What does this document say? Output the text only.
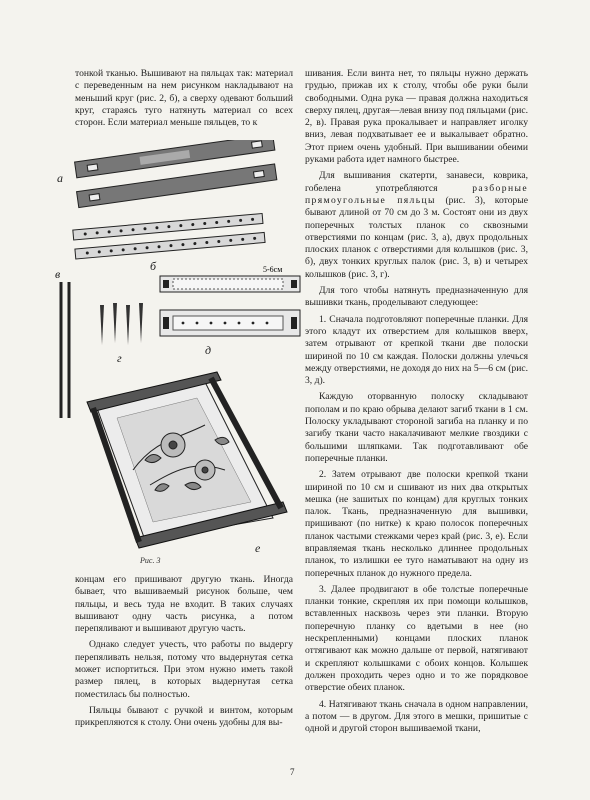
тонкой тканью. Вышивают на пяльцах так: материал с переведенным на нем рисунком накладывают на меньший круг (рис. 2, б), а сверху одевают больший круг, стараясь туго натянуть материал со всех сторон. Если материал меньше пяльцев, то к

а
б
в
г
5-6см
д
е
Рис. 3

концам его пришивают другую ткань. Иногда бывает, что вышиваемый рисунок больше, чем пяльцы, и весь туда не входит. В таких случаях вышивают одну часть рисунка, а потом перепяливают и вышивают другую часть.

Однако следует учесть, что работы по выдергу перепяливать нельзя, потому что выдернутая сетка может испортиться. При этом нужно иметь такой размер пялец, в которых выдернутая сетка поместилась бы полностью.

Пяльцы бывают с ручкой и винтом, которым прикрепляются к столу. Они очень удобны для вы-

шивания. Если винта нет, то пяльцы нужно держать грудью, прижав их к столу, чтобы обе руки были свободными. Одна рука — правая должна находиться сверху пялец, другая—левая внизу под пяльцами (рис. 2, в). Правая рука прокалывает и направляет иголку вниз, левая подхватывает ее и выкалывает обратно. Этот прием очень удобный. При вышивании обеими руками работа идет намного быстрее.

Для вышивания скатерти, занавеси, коврика, гобелена употребляются разборные прямоугольные пяльцы (рис. 3), которые бывают длиной от 70 см до 3 м. Состоят они из двух поперечных толстых планок со сквозными отверстиями по концам (рис. 3, а), двух продольных плоских планок с отверстиями для колышков (рис. 3, б), двух тонких круглых палок (рис. 3, в) и четырех колышков (рис. 3, г).

Для того чтобы натянуть предназначенную для вышивки ткань, проделывают следующее:

1. Сначала подготовляют поперечные планки. Для этого кладут их отверстием для колышков вверх, затем отрывают от крепкой ткани две полоски шириной по 10 см каждая. Полоски должны улечься между отверстиями, не доходя до них на 5—6 см (рис. 3, д).

Каждую оторванную полоску складывают пополам и по краю обрыва делают загиб ткани в 1 см. Полоску укладывают стороной загиба на планку и по загибу ткани часто накалачивают мелкие гвоздики с большими шляпками. Так подготавливают обе поперечные планки.

2. Затем отрывают две полоски крепкой ткани шириной по 10 см и сшивают из них два открытых мешка (не зашитых по концам) для круглых тонких палок. Ткань, предназначенную для вышивки, пришивают (по нитке) к краю полосок поперечных планок частыми стежками через край (рис. 3, е). Если вправляемая ткань несколько длиннее продольных планок, то излишки ее туго наматывают на одну из поперечных планок до нужного предела.

3. Далее продвигают в обе толстые поперечные планки тонкие, скрепляя их при помощи колышков, вставленных насквозь через эти планки. Вторую поперечную планку со вдетыми в нее (но нескрепленными) концами плоских планок оттягивают как можно дальше от первой, натягивают и скрепляют колышками с обоих концов. Колышек должен проходить через одно и то же порядковое отверстие обеих планок.

4. Натягивают ткань сначала в одном направлении, а потом — в другом. Для этого в мешки, пришитые с одной и другой сторон вышиваемой ткани,

7
